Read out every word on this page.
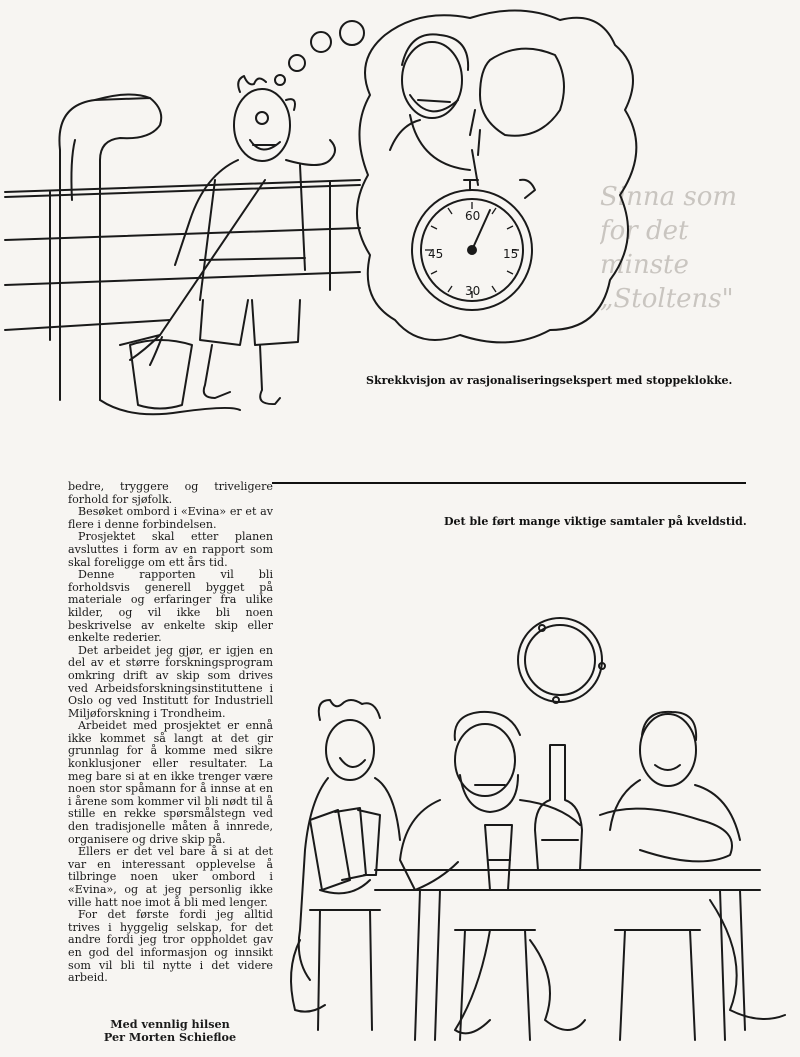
Sinna som
for det
minste
„Stoltens"
60
15
30
45

Skrekkvisjon av rasjonaliseringsekspert med stoppeklokke.

Det ble ført mange viktige samtaler på kveldstid.

bedre, tryggere og triveligere forhold for sjøfolk.

Besøket ombord i «Evina» er et av flere i denne forbindelsen.

Prosjektet skal etter planen avsluttes i form av en rapport som skal foreligge om ett års tid.

Denne rapporten vil bli forholdsvis generell bygget på materiale og erfaringer fra ulike kilder, og vil ikke bli noen beskrivelse av enkelte skip eller enkelte rederier.

Det arbeidet jeg gjør, er igjen en del av et større forskningsprogram omkring drift av skip som drives ved Arbeidsforskningsinstituttene i Oslo og ved Institutt for Industriell Miljøforskning i Trondheim.

Arbeidet med prosjektet er ennå ikke kommet så langt at det gir grunnlag for å komme med sikre konklusjoner eller resultater. La meg bare si at en ikke trenger være noen stor spåmann for å innse at en i årene som kommer vil bli nødt til å stille en rekke spørsmålstegn ved den tradisjonelle måten å innrede, organisere og drive skip på.

Ellers er det vel bare å si at det var en interessant opplevelse å tilbringe noen uker ombord i «Evina», og at jeg personlig ikke ville hatt noe imot å bli med lenger.

For det første fordi jeg alltid trives i hyggelig selskap, for det andre fordi jeg tror oppholdet gav en god del informasjon og innsikt som vil bli til nytte i det videre arbeid.

Med vennlig hilsen
Per Morten Schiefloe
